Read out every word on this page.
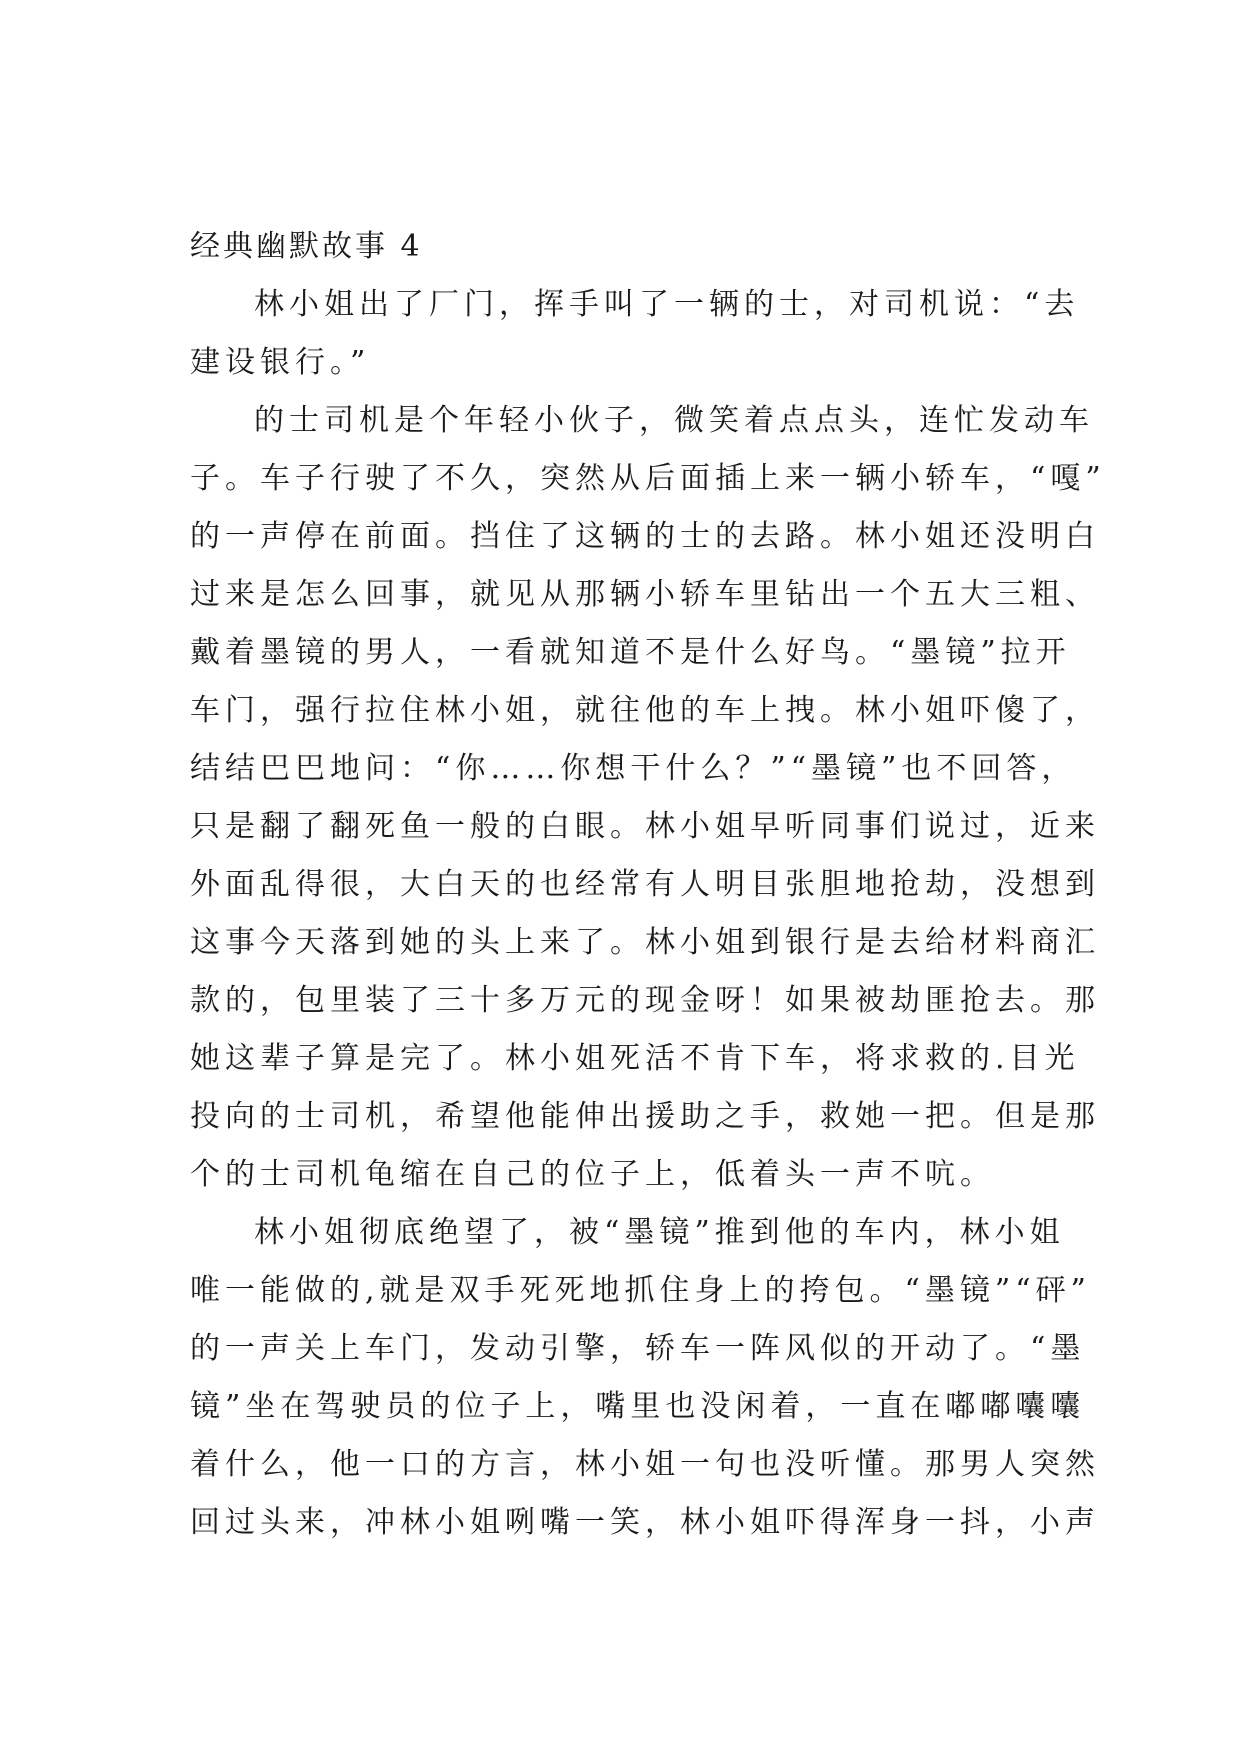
经典幽默故事 4

林小姐出了厂门，挥手叫了一辆的士，对司机说：“去
建设银行。”

的士司机是个年轻小伙子，微笑着点点头，连忙发动车
子。车子行驶了不久，突然从后面插上来一辆小轿车，“嘎”
的一声停在前面。挡住了这辆的士的去路。林小姐还没明白
过来是怎么回事，就见从那辆小轿车里钻出一个五大三粗、
戴着墨镜的男人，一看就知道不是什么好鸟。“墨镜”拉开
车门，强行拉住林小姐，就往他的车上拽。林小姐吓傻了，
结结巴巴地问：“你……你想干什么？”“墨镜”也不回答，
只是翻了翻死鱼一般的白眼。林小姐早听同事们说过，近来
外面乱得很，大白天的也经常有人明目张胆地抢劫，没想到
这事今天落到她的头上来了。林小姐到银行是去给材料商汇
款的，包里装了三十多万元的现金呀！如果被劫匪抢去。那
她这辈子算是完了。林小姐死活不肯下车，将求救的.目光
投向的士司机，希望他能伸出援助之手，救她一把。但是那
个的士司机龟缩在自己的位子上，低着头一声不吭。

林小姐彻底绝望了，被“墨镜”推到他的车内，林小姐
唯一能做的,就是双手死死地抓住身上的挎包。“墨镜”“砰”
的一声关上车门，发动引擎，轿车一阵风似的开动了。“墨
镜”坐在驾驶员的位子上，嘴里也没闲着，一直在嘟嘟囔囔
着什么，他一口的方言，林小姐一句也没听懂。那男人突然
回过头来，冲林小姐咧嘴一笑，林小姐吓得浑身一抖，小声
